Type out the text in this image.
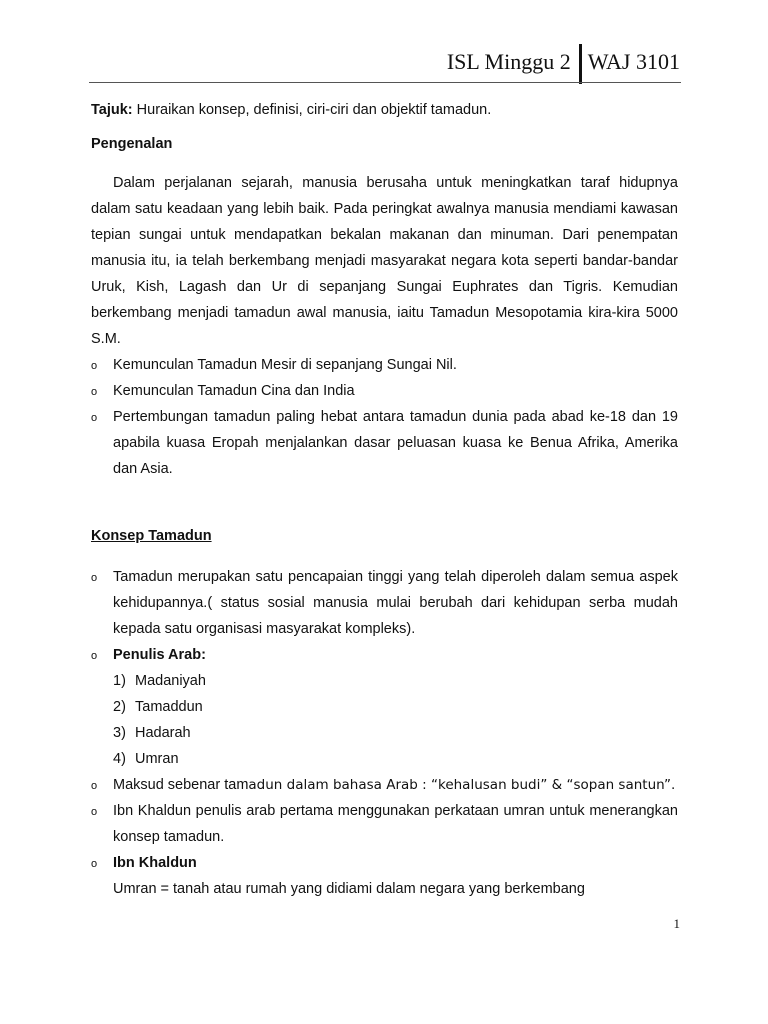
ISL Minggu 2 WAJ 3101
Tajuk: Huraikan konsep, definisi, ciri-ciri dan objektif tamadun.
Pengenalan
Dalam perjalanan sejarah, manusia berusaha untuk meningkatkan taraf hidupnya dalam satu keadaan yang lebih baik. Pada peringkat awalnya manusia mendiami kawasan tepian sungai untuk mendapatkan bekalan makanan dan minuman. Dari penempatan manusia itu, ia telah berkembang menjadi masyarakat negara kota seperti bandar-bandar Uruk, Kish, Lagash dan Ur di sepanjang Sungai Euphrates dan Tigris. Kemudian berkembang menjadi tamadun awal manusia, iaitu Tamadun Mesopotamia kira-kira 5000 S.M.
o Kemunculan Tamadun Mesir di sepanjang Sungai Nil.
o Kemunculan Tamadun Cina dan India
o Pertembungan tamadun paling hebat antara tamadun dunia pada abad ke-18 dan 19 apabila kuasa Eropah menjalankan dasar peluasan kuasa ke Benua Afrika, Amerika dan Asia.
Konsep Tamadun
o Tamadun merupakan satu pencapaian tinggi yang telah diperoleh dalam semua aspek kehidupannya.( status sosial manusia mulai berubah dari kehidupan serba mudah kepada satu organisasi masyarakat kompleks).
o Penulis Arab:
1) Madaniyah
2) Tamaddun
3) Hadarah
4) Umran
o Maksud sebenar tamadun dalam bahasa Arab : “kehalusan budi” & “sopan santun”.
o Ibn Khaldun penulis arab pertama menggunakan perkataan umran untuk menerangkan konsep tamadun.
o Ibn Khaldun
Umran = tanah atau rumah yang didiami dalam negara yang berkembang
1
